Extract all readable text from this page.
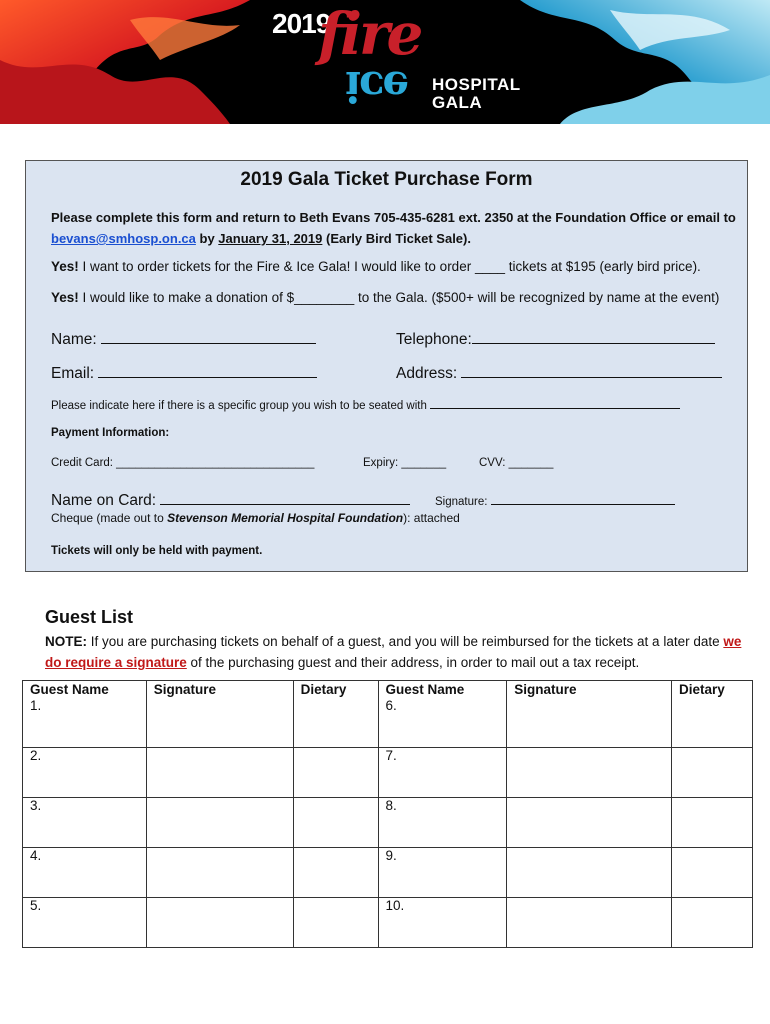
2019
fire
ice HOSPITAL
GALA
2019 Gala Ticket Purchase Form
Please complete this form and return to Beth Evans 705-435-6281 ext. 2350 at the Foundation Office or email to bevans@smhosp.on.ca by January 31, 2019 (Early Bird Ticket Sale).
Yes! I want to order tickets for the Fire & Ice Gala! I would like to order ____ tickets at $195 (early bird price).
Yes! I would like to make a donation of $________ to the Gala. ($500+ will be recognized by name at the event)
Name:	Telephone:
Email:	Address:
Please indicate here if there is a specific group you wish to be seated with
Payment Information:
Credit Card: _______________________________	Expiry: _______	CVV: _______
Name on Card:	Signature:
Cheque (made out to Stevenson Memorial Hospital Foundation): attached
Tickets will only be held with payment.
Guest List
NOTE: If you are purchasing tickets on behalf of a guest, and you will be reimbursed for the tickets at a later date we do require a signature of the purchasing guest and their address, in order to mail out a tax receipt.
Guest Name	Signature	Dietary	Guest Name	Signature	Dietary
1.			6.		
2.			7.		
3.			8.		
4.			9.		
5.			10.		
